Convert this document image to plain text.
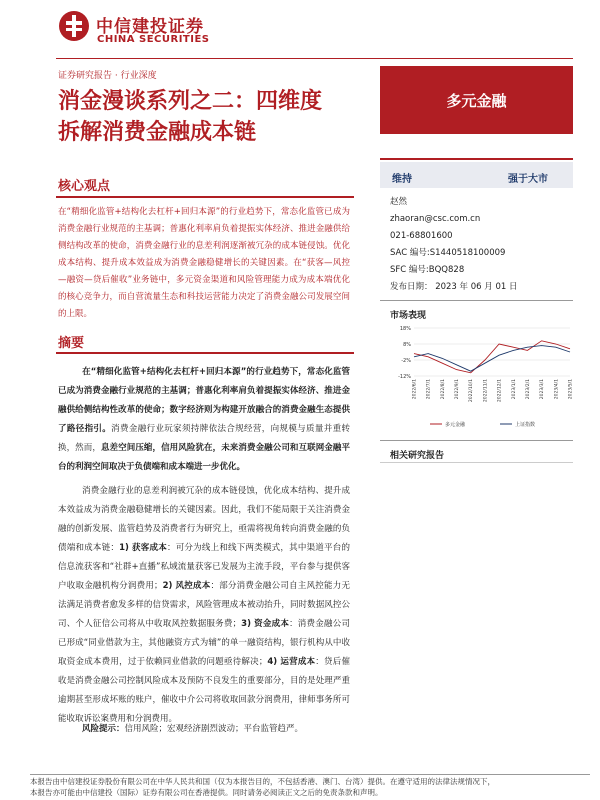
中信建投证券
CHINA SECURITIES
证券研究报告 · 行业深度
消金漫谈系列之二：四维度
拆解消费金融成本链
多元金融
核心观点
在“精细化监管+结构化去杠杆+回归本源”的行业趋势下，常态化监管已成为消费金融行业规范的主基调；普惠化利率肩负着提振实体经济、推进金融供给侧结构改革的使命，消费金融行业的息差利润逐渐被冗杂的成本链侵蚀。优化成本结构、提升成本效益成为消费金融稳健增长的关键因素。在“获客—风控—融资—贷后催收”业务链中，多元资金渠道和风险管理能力成为成本端优化的核心竞争力，而自营流量生态和科技运营能力决定了消费金融公司发展空间的上限。
摘要
在“精细化监管+结构化去杠杆+回归本源”的行业趋势下，常态化监管已成为消费金融行业规范的主基调；普惠化利率肩负着提振实体经济、推进金融供给侧结构性改革的使命；数字经济则为构建开放融合的消费金融生态提供了路径指引。消费金融行业玩家须持牌依法合规经营，向规模与质量并重转换，然而，息差空间压缩，信用风险犹在，未来消费金融公司和互联网金融平台的利润空间取决于负债端和成本端进一步优化。
消费金融行业的息差利润被冗杂的成本链侵蚀，优化成本结构、提升成本效益成为消费金融稳健增长的关键因素。因此，我们不能局限于关注消费金融的创新发展、监管趋势及消费者行为研究上，亟需将视角转向消费金融的负债端和成本链：1) 获客成本：可分为线上和线下两类模式，其中渠道平台的信息流获客和“社群+直播”私域流量获客已发展为主流手段，平台参与提供客户收取金融机构分润费用；2) 风控成本：部分消费金融公司自主风控能力无法满足消费者愈发多样的信贷需求，风险管理成本被动抬升，同时数据风控公司、个人征信公司将从中收取风控数据服务费；3) 资金成本：消费金融公司已形成“同业借款为主，其他融资方式为辅”的单一融资结构，银行机构从中收取资金成本费用，过于依赖同业借款的问题亟待解决；4) 运营成本：贷后催收是消费金融公司控制风险成本及预防不良发生的重要部分，目的是处理严重逾期甚至形成坏账的账户，催收中介公司将收取回款分润费用，律师事务所可能收取诉讼案费用和分润费用。
风险提示：信用风险；宏观经济剧烈波动；平台监管趋严。
维持	强于大市
赵然
zhaoran@csc.com.cn
021-68801600
SAC 编号:S1440518100009
SFC 编号:BQQ828
发布日期： 2023 年 06 月 01 日
市场表现
18%
8%
-2%
-12%
2022/6/1 2022/7/1 2022/8/1 2022/9/1 2022/10/1 2022/11/1 2022/12/1 2023/1/1 2023/2/1 2023/3/1 2023/4/1 2023/5/1
多元金融	上证指数
相关研究报告
本报告由中信建投证券股份有限公司在中华人民共和国（仅为本报告目的，不包括香港、澳门、台湾）提供。在遵守适用的法律法规情况下，
本报告亦可能由中信建投（国际）证券有限公司在香港提供。同时请务必阅读正文之后的免责条款和声明。
